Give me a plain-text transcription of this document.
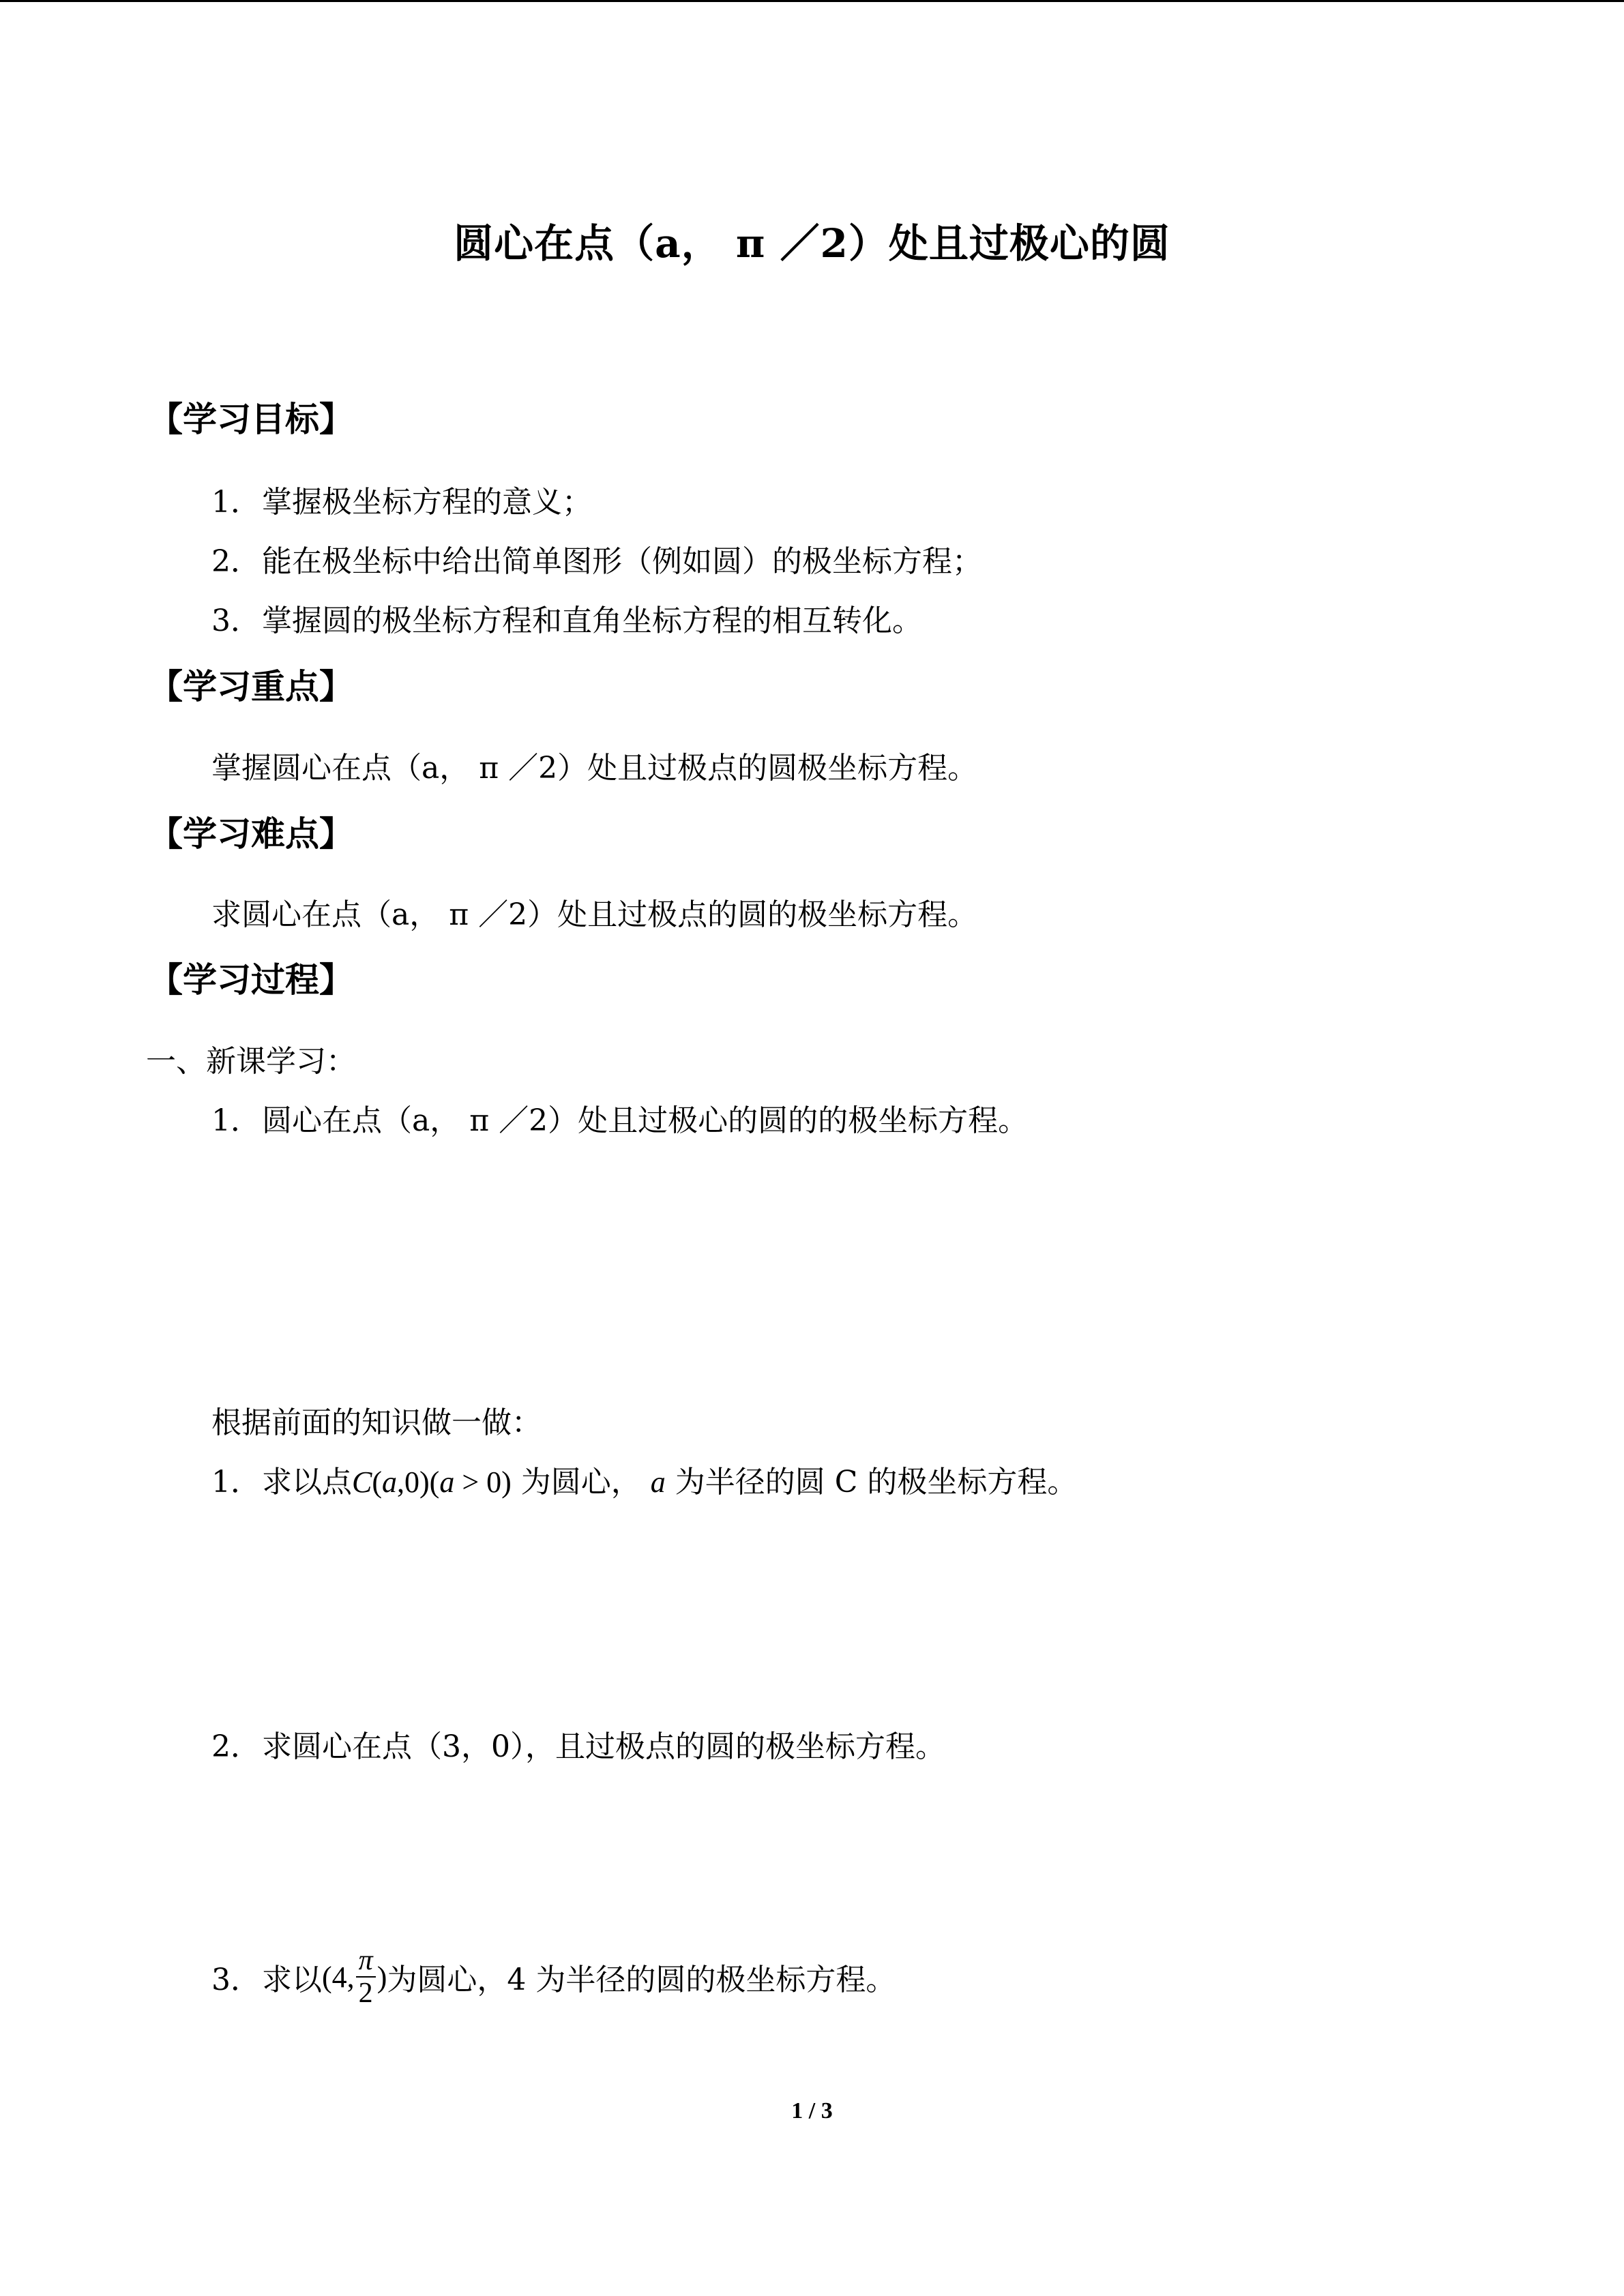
圆心在点（a， π ／2）处且过极心的圆
【学习目标】
1．掌握极坐标方程的意义；
2．能在极坐标中给出简单图形（例如圆）的极坐标方程；
3．掌握圆的极坐标方程和直角坐标方程的相互转化。
【学习重点】
掌握圆心在点（a， π ／2）处且过极点的圆极坐标方程。
【学习难点】
求圆心在点（a， π ／2）处且过极点的圆的极坐标方程。
【学习过程】
一、新课学习：
1．圆心在点（a， π ／2）处且过极心的圆的的极坐标方程。
根据前面的知识做一做：
1．求以点C(a,0)(a > 0) 为圆心， a 为半径的圆 C 的极坐标方程。
2．求圆心在点（3，0），且过极点的圆的极坐标方程。
3． 求以 (4, $\frac{\pi}{2}$ ) 为圆心，4 为半径的圆的极坐标方程。
1 / 3
